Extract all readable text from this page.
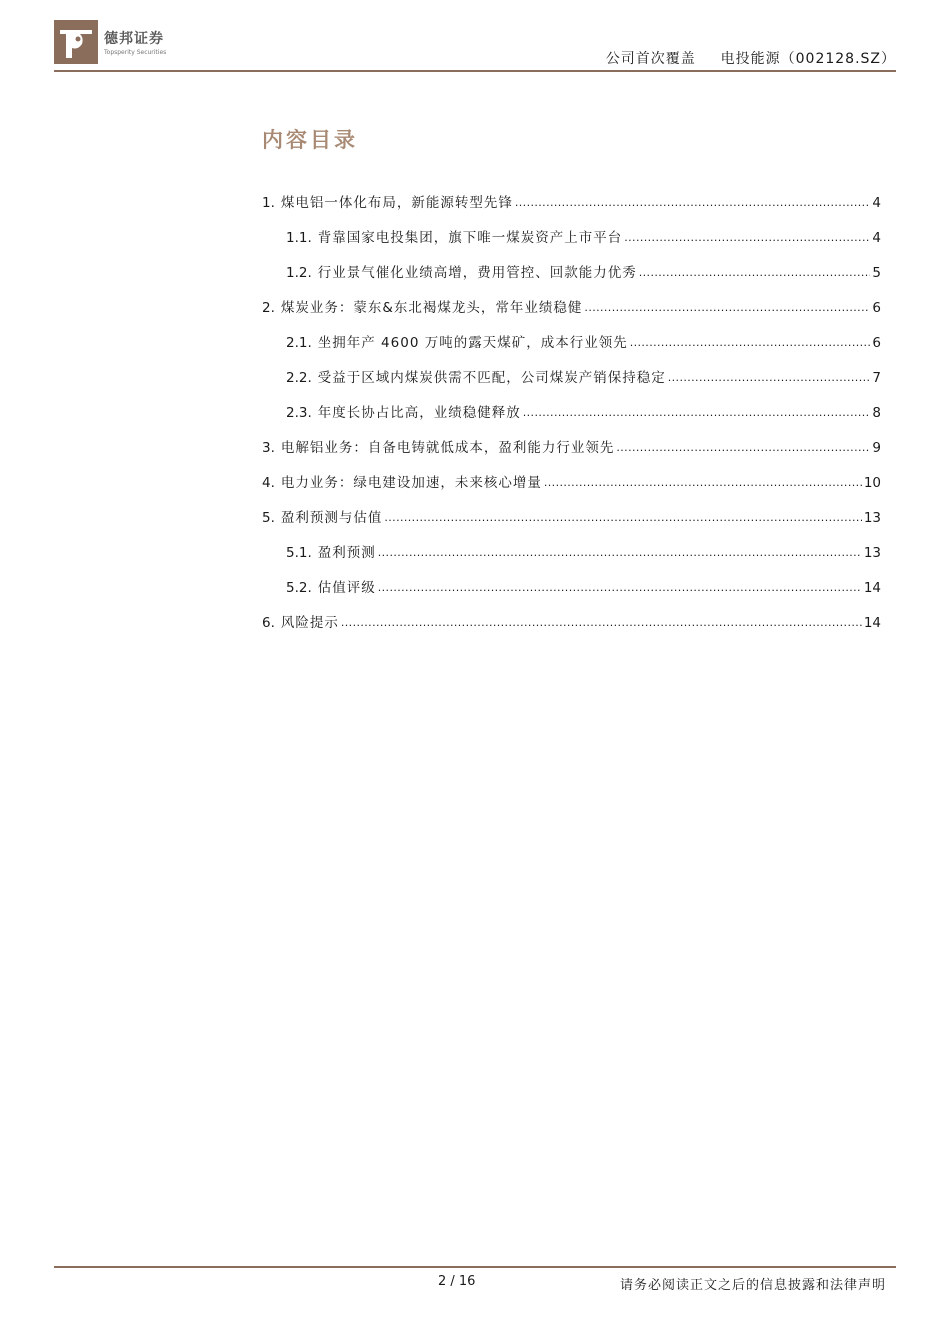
德邦证券
Topsperity Securities	公司首次覆盖 电投能源（002128.SZ）
内容目录
1. 煤电铝一体化布局，新能源转型先锋 .....	4
1.1. 背靠国家电投集团，旗下唯一煤炭资产上市平台 .....	4
1.2. 行业景气催化业绩高增，费用管控、回款能力优秀 .....	5
2. 煤炭业务：蒙东&东北褐煤龙头，常年业绩稳健 .....	6
2.1. 坐拥年产 4600 万吨的露天煤矿，成本行业领先 .....	6
2.2. 受益于区域内煤炭供需不匹配，公司煤炭产销保持稳定 .....	7
2.3. 年度长协占比高，业绩稳健释放 .....	8
3. 电解铝业务：自备电铸就低成本，盈利能力行业领先 .....	9
4. 电力业务：绿电建设加速，未来核心增量 .....	10
5. 盈利预测与估值 .....	13
5.1. 盈利预测 .....	13
5.2. 估值评级 .....	14
6. 风险提示 .....	14
2 / 16	请务必阅读正文之后的信息披露和法律声明
